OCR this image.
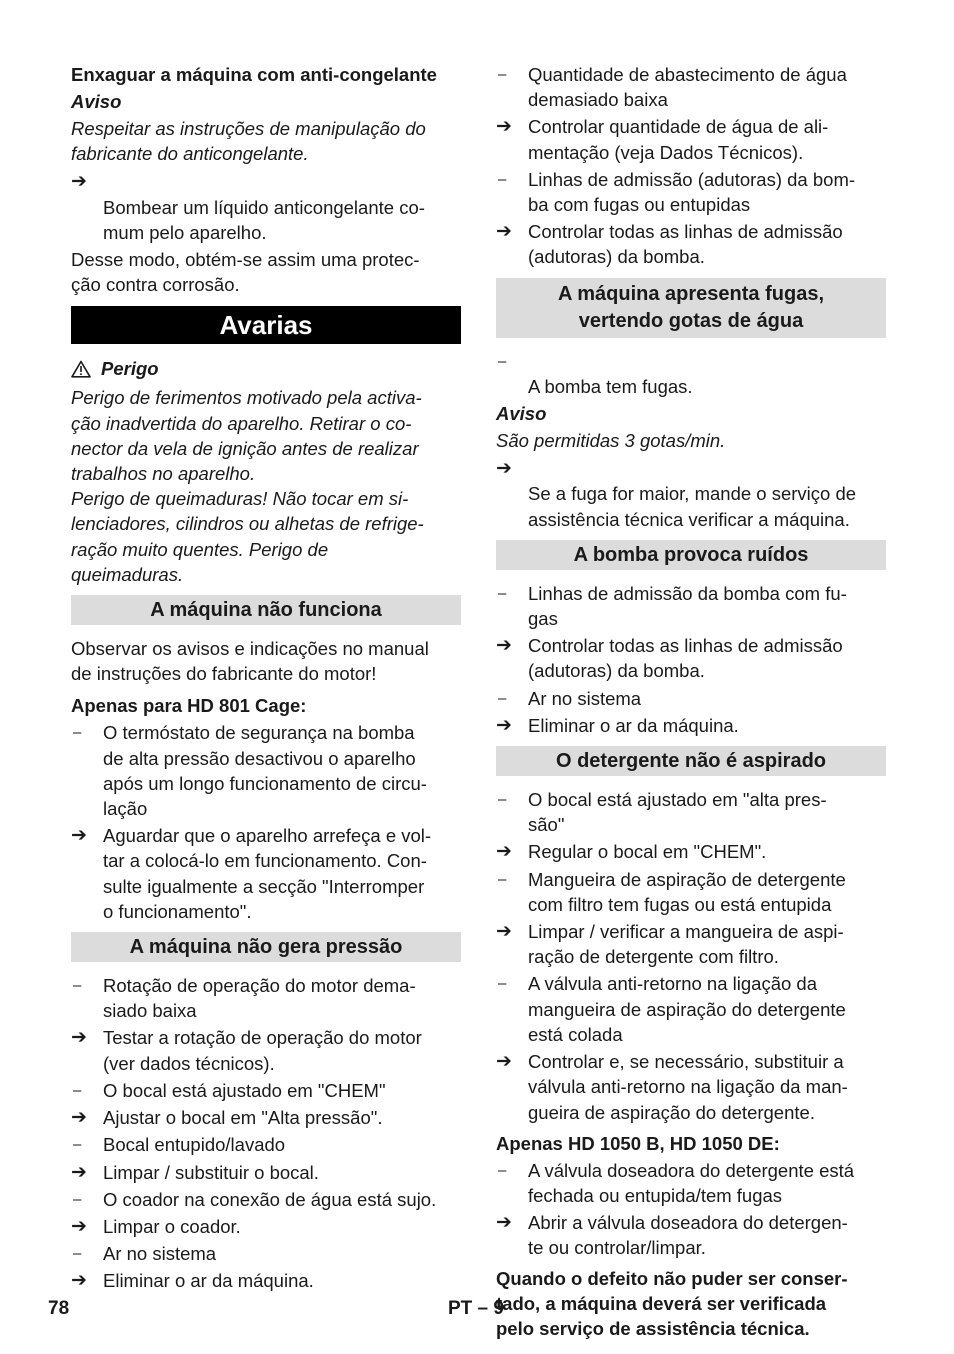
Enxaguar a máquina com anti-congelante
Aviso
Respeitar as instruções de manipulação do
fabricante do anticongelante.

➔
Bombear um líquido anticongelante co-
mum pelo aparelho.

Desse modo, obtém-se assim uma protec-
ção contra corrosão.
Avarias
Perigo
Perigo de ferimentos motivado pela activa-
ção inadvertida do aparelho. Retirar o co-
nector da vela de ignição antes de realizar
trabalhos no aparelho.
Perigo de queimaduras! Não tocar em si-
lenciadores, cilindros ou alhetas de refrige-
ração muito quentes. Perigo de
queimaduras.
A máquina não funciona
Observar os avisos e indicações no manual
de instruções do fabricante do motor!
Apenas para HD 801 Cage:
–	O termóstato de segurança na bomba
de alta pressão desactivou o aparelho
após um longo funcionamento de circu-
lação
➔ Aguardar que o aparelho arrefeça e vol-
tar a colocá-lo em funcionamento. Con-
sulte igualmente a secção "Interromper
o funcionamento".
A máquina não gera pressão
–	Rotação de operação do motor dema-
siado baixa
➔ Testar a rotação de operação do motor
(ver dados técnicos).
–	O bocal está ajustado em "CHEM"
➔ Ajustar o bocal em "Alta pressão".
–	Bocal entupido/lavado
➔ Limpar / substituir o bocal.
–	O coador na conexão de água está sujo.
➔ Limpar o coador.
–	Ar no sistema
➔ Eliminar o ar da máquina.
–	Quantidade de abastecimento de água
demasiado baixa
➔ Controlar quantidade de água de ali-
mentação (veja Dados Técnicos).
–	Linhas de admissão (adutoras) da bom-
ba com fugas ou entupidas
➔ Controlar todas as linhas de admissão
(adutoras) da bomba.
A máquina apresenta fugas,
vertendo gotas de água

–
A bomba tem fugas.

Aviso
São permitidas 3 gotas/min.

➔
Se a fuga for maior, mande o serviço de
assistência técnica verificar a máquina.

A bomba provoca ruídos
–	Linhas de admissão da bomba com fu-
gas
➔ Controlar todas as linhas de admissão
(adutoras) da bomba.
–	Ar no sistema
➔ Eliminar o ar da máquina.
O detergente não é aspirado
–	O bocal está ajustado em "alta pres-
são"
➔ Regular o bocal em "CHEM".
–	Mangueira de aspiração de detergente
com filtro tem fugas ou está entupida
➔ Limpar / verificar a mangueira de aspi-
ração de detergente com filtro.
–	A válvula anti-retorno na ligação da
mangueira de aspiração do detergente
está colada
➔ Controlar e, se necessário, substituir a
válvula anti-retorno na ligação da man-
gueira de aspiração do detergente.
Apenas HD 1050 B, HD 1050 DE:
–	A válvula doseadora do detergente está
fechada ou entupida/tem fugas
➔ Abrir a válvula doseadora do detergen-
te ou controlar/limpar.
Quando o defeito não puder ser conser-
tado, a máquina deverá ser verificada
pelo serviço de assistência técnica.
78	PT – 9
